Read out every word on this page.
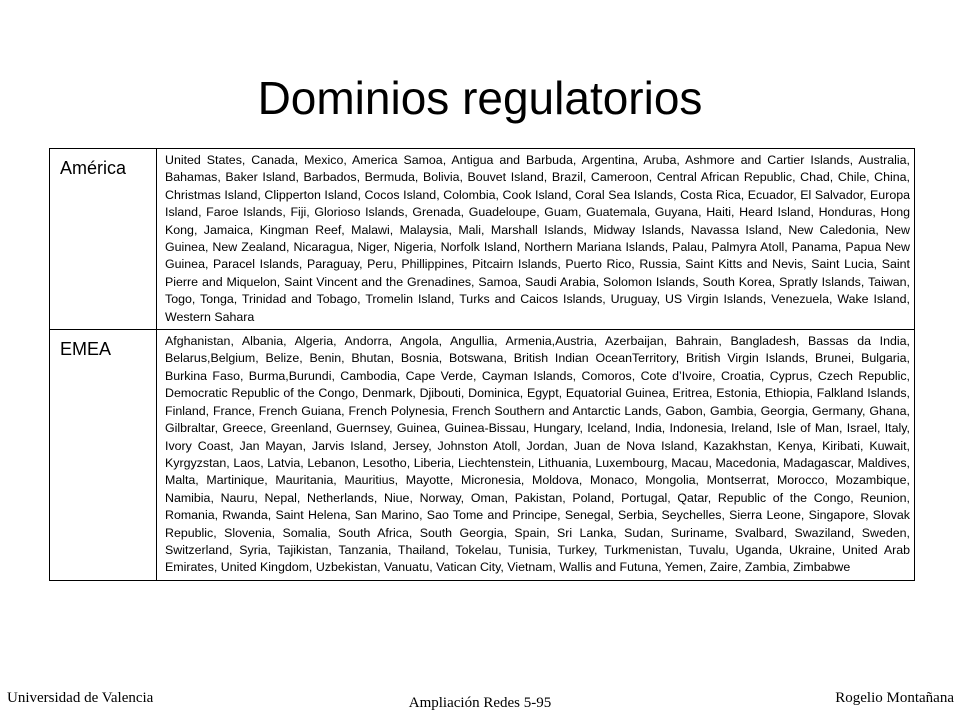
Dominios regulatorios
América	United States, Canada, Mexico, America Samoa, Antigua and Barbuda, Argentina, Aruba, Ashmore and Cartier Islands, Australia, Bahamas, Baker Island, Barbados, Bermuda, Bolivia, Bouvet Island, Brazil, Cameroon, Central African Republic, Chad, Chile, China, Christmas Island, Clipperton Island, Cocos Island, Colombia, Cook Island, Coral Sea Islands, Costa Rica, Ecuador, El Salvador, Europa Island, Faroe Islands, Fiji, Glorioso Islands, Grenada, Guadeloupe, Guam, Guatemala, Guyana, Haiti, Heard Island, Honduras, Hong Kong, Jamaica, Kingman Reef, Malawi, Malaysia, Mali, Marshall Islands, Midway Islands, Navassa Island, New Caledonia, New Guinea, New Zealand, Nicaragua, Niger, Nigeria, Norfolk Island, Northern Mariana Islands, Palau, Palmyra Atoll, Panama, Papua New Guinea, Paracel Islands, Paraguay, Peru, Phillippines, Pitcairn Islands, Puerto Rico, Russia, Saint Kitts and Nevis, Saint Lucia, Saint Pierre and Miquelon, Saint Vincent and the Grenadines, Samoa, Saudi Arabia, Solomon Islands, South Korea, Spratly Islands, Taiwan, Togo, Tonga, Trinidad and Tobago, Tromelin Island, Turks and Caicos Islands, Uruguay, US Virgin Islands, Venezuela, Wake Island, Western Sahara
EMEA	Afghanistan, Albania, Algeria, Andorra, Angola, Angullia, Armenia,Austria, Azerbaijan, Bahrain, Bangladesh, Bassas da India, Belarus,Belgium, Belize, Benin, Bhutan, Bosnia, Botswana, British Indian OceanTerritory, British Virgin Islands, Brunei, Bulgaria, Burkina Faso, Burma,Burundi, Cambodia, Cape Verde, Cayman Islands, Comoros, Cote d’Ivoire, Croatia, Cyprus, Czech Republic, Democratic Republic of the Congo, Denmark, Djibouti, Dominica, Egypt, Equatorial Guinea, Eritrea, Estonia, Ethiopia, Falkland Islands, Finland, France, French Guiana, French Polynesia, French Southern and Antarctic Lands, Gabon, Gambia, Georgia, Germany, Ghana, Gilbraltar, Greece, Greenland, Guernsey, Guinea, Guinea-Bissau, Hungary, Iceland, India, Indonesia, Ireland, Isle of Man, Israel, Italy, Ivory Coast, Jan Mayan, Jarvis Island, Jersey, Johnston Atoll, Jordan, Juan de Nova Island, Kazakhstan, Kenya, Kiribati, Kuwait, Kyrgyzstan, Laos, Latvia, Lebanon, Lesotho, Liberia, Liechtenstein, Lithuania, Luxembourg, Macau, Macedonia, Madagascar, Maldives, Malta, Martinique, Mauritania, Mauritius, Mayotte, Micronesia, Moldova, Monaco, Mongolia, Montserrat, Morocco, Mozambique, Namibia, Nauru, Nepal, Netherlands, Niue, Norway, Oman, Pakistan, Poland, Portugal, Qatar, Republic of the Congo, Reunion, Romania, Rwanda, Saint Helena, San Marino, Sao Tome and Principe, Senegal, Serbia, Seychelles, Sierra Leone, Singapore, Slovak Republic, Slovenia, Somalia, South Africa, South Georgia, Spain, Sri Lanka, Sudan, Suriname, Svalbard, Swaziland, Sweden, Switzerland, Syria, Tajikistan, Tanzania, Thailand, Tokelau, Tunisia, Turkey, Turkmenistan, Tuvalu, Uganda, Ukraine, United Arab Emirates, United Kingdom, Uzbekistan, Vanuatu, Vatican City, Vietnam, Wallis and Futuna, Yemen, Zaire, Zambia, Zimbabwe
Universidad de Valencia	Ampliación Redes 5-95	Rogelio Montañana
